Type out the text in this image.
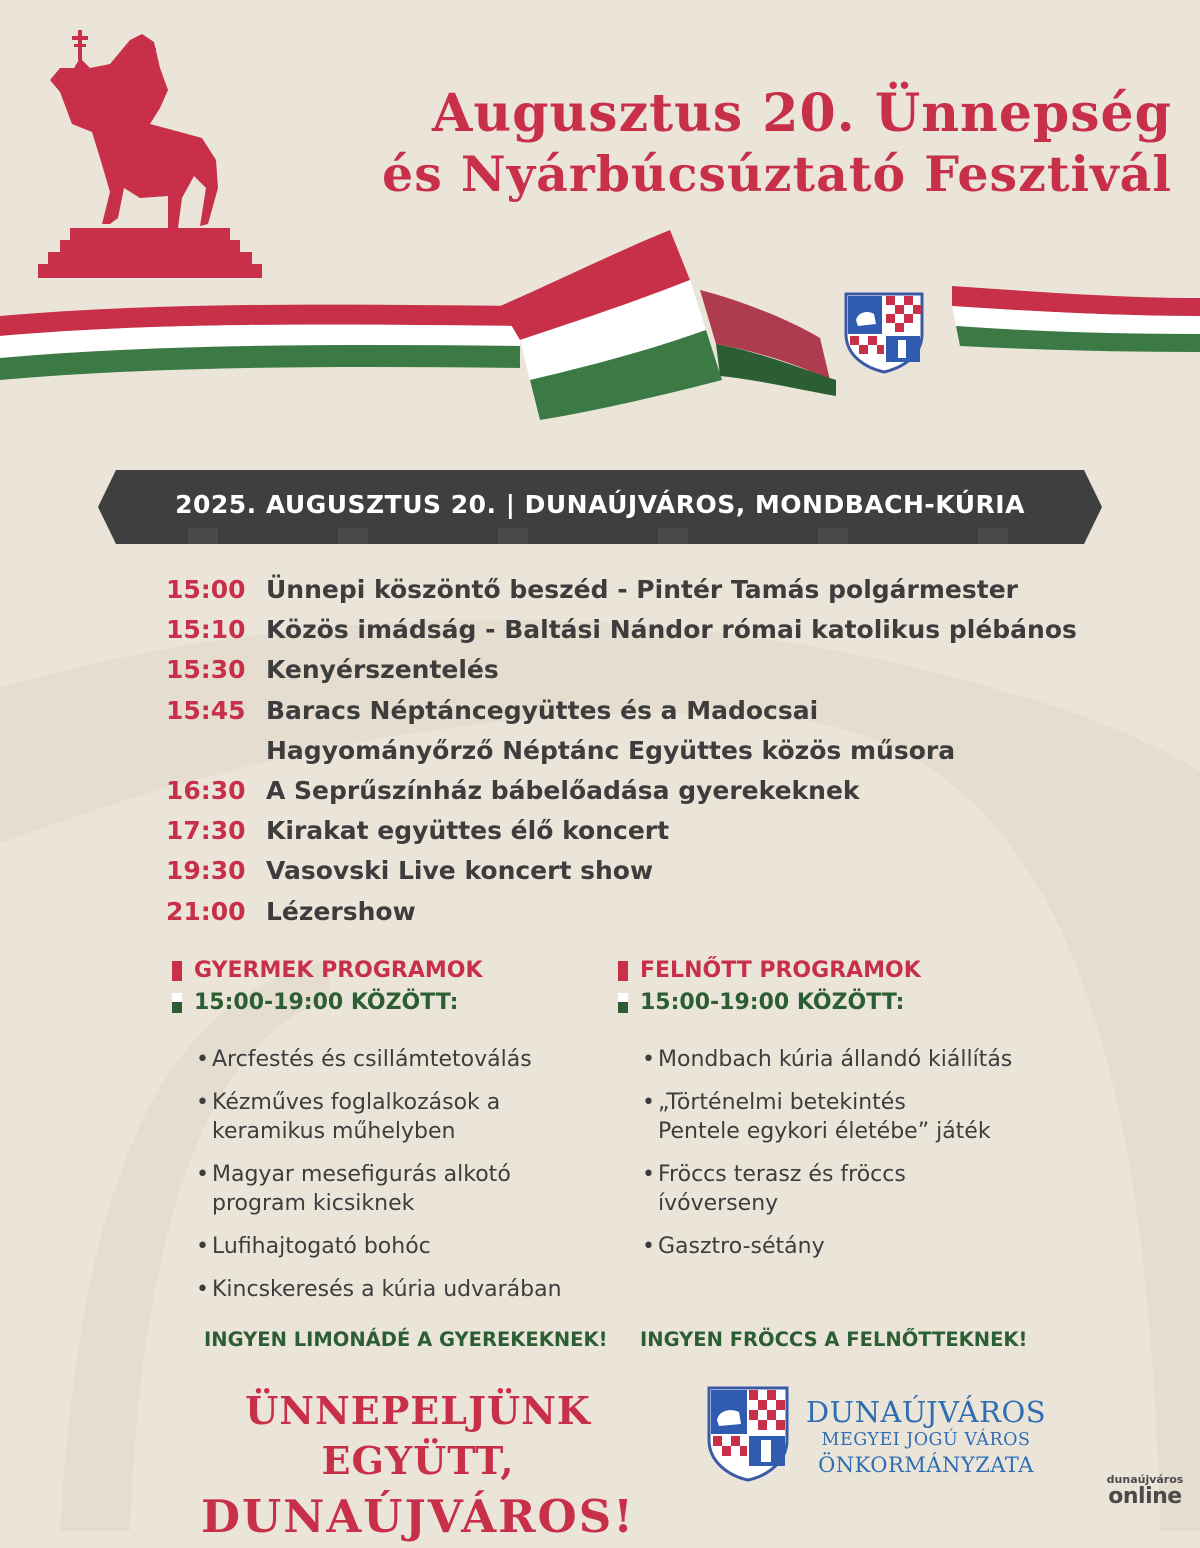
Augusztus 20. Ünnepség
és Nyárbúcsúztató Fesztivál
2025. AUGUSZTUS 20. | DUNAÚJVÁROS, MONDBACH-KÚRIA
15:00 Ünnepi köszöntő beszéd - Pintér Tamás polgármester
15:10 Közös imádság - Baltási Nándor római katolikus plébános
15:30 Kenyérszentelés
15:45 Baracs Néptáncegyüttes és a Madocsai
Hagyományőrző Néptánc Együttes közös műsora
16:30 A Seprűszínház bábelőadása gyerekeknek
17:30 Kirakat együttes élő koncert
19:30 Vasovski Live koncert show
21:00 Lézershow
GYERMEK PROGRAMOK
15:00-19:00 KÖZÖTT:
• Arcfestés és csillámtetoválás
• Kézműves foglalkozások a
keramikus műhelyben
• Magyar mesefigurás alkotó
program kicsiknek
• Lufihajtogató bohóc
• Kincskeresés a kúria udvarában
FELNŐTT PROGRAMOK
15:00-19:00 KÖZÖTT:
• Mondbach kúria állandó kiállítás
• „Történelmi betekintés
Pentele egykori életébe” játék
• Fröccs terasz és fröccs
ívóverseny
• Gasztro-sétány
INGYEN LIMONÁDÉ A GYEREKEKNEK! INGYEN FRÖCCS A FELNŐTTEKNEK!
ÜNNEPELJÜNK EGYÜTT,
DUNAÚJVÁROS!
DUNAÚJVÁROS
MEGYEI JOGÚ VÁROS
ÖNKORMÁNYZATA
dunaújváros
online
